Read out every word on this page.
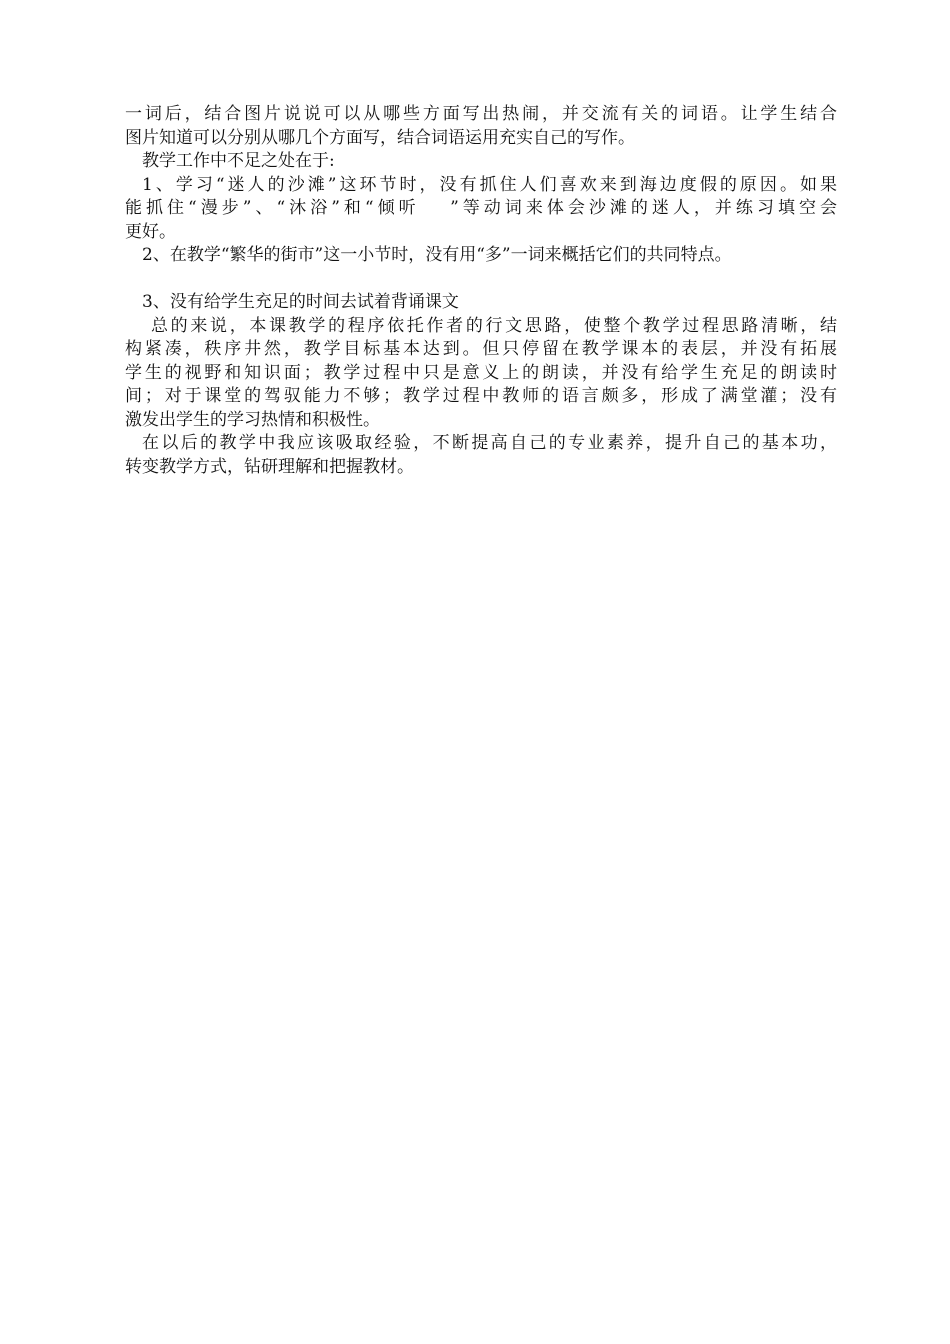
一词后，结合图片说说可以从哪些方面写出热闹，并交流有关的词语。让学生结合
图片知道可以分别从哪几个方面写，结合词语运用充实自己的写作。
教学工作中不足之处在于:
1、学习“迷人的沙滩”这环节时，没有抓住人们喜欢来到海边度假的原因。如果
能抓住“漫步”、“沐浴”和“倾听　 ”等动词来体会沙滩的迷人，并练习填空会
更好。
2、在教学“繁华的街市”这一小节时，没有用“多”一词来概括它们的共同特点。
3、没有给学生充足的时间去试着背诵课文
总的来说，本课教学的程序依托作者的行文思路，使整个教学过程思路清晰，结
构紧凑，秩序井然，教学目标基本达到。但只停留在教学课本的表层，并没有拓展
学生的视野和知识面；教学过程中只是意义上的朗读，并没有给学生充足的朗读时
间；对于课堂的驾驭能力不够；教学过程中教师的语言颇多，形成了满堂灌；没有
激发出学生的学习热情和积极性。
在以后的教学中我应该吸取经验，不断提高自己的专业素养，提升自己的基本功，
转变教学方式，钻研理解和把握教材。
